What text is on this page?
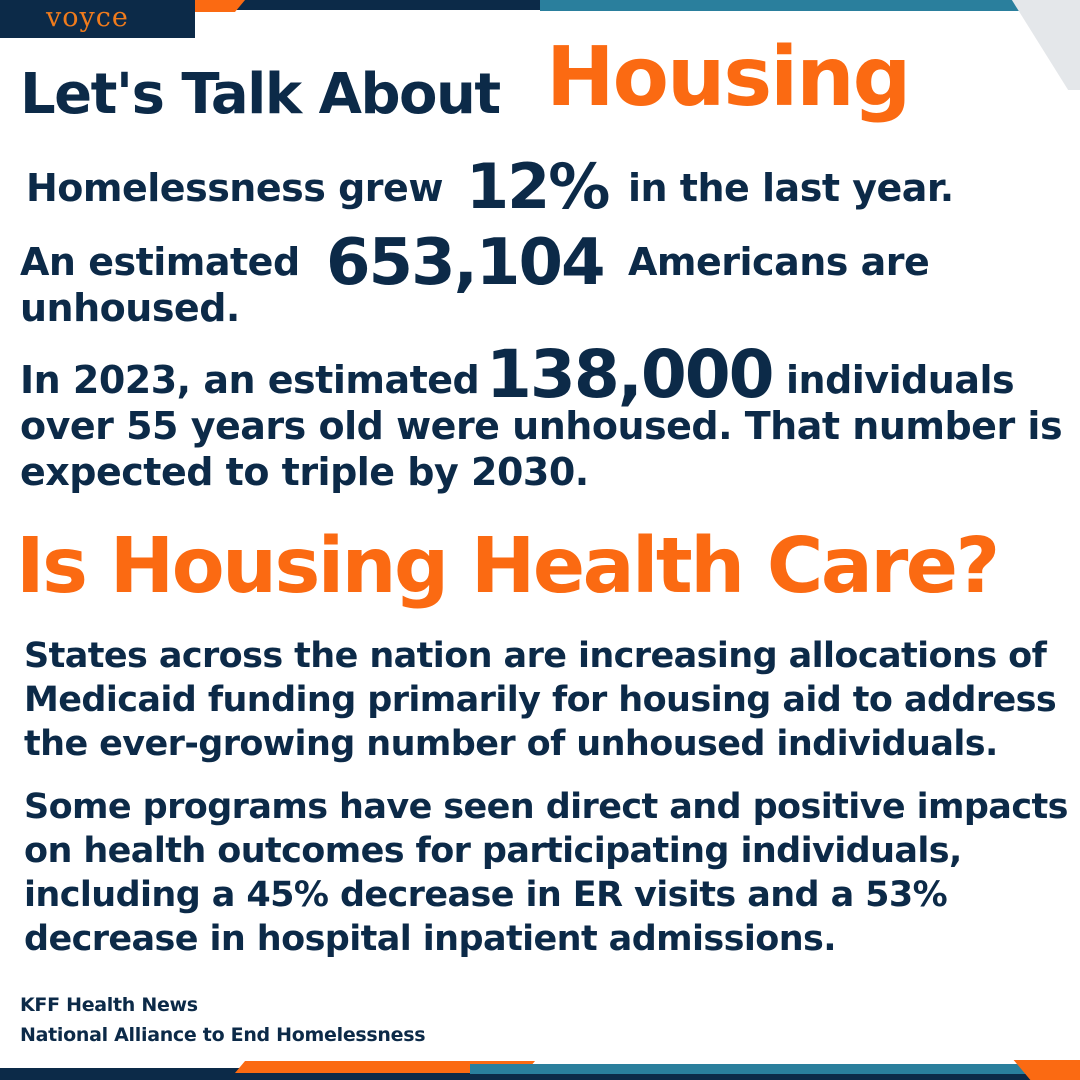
voyce
Let's Talk About Housing
Homelessness grew 12% in the last year.
An estimated 653,104 Americans are
unhoused.
In 2023, an estimated 138,000 individuals
over 55 years old were unhoused. That number is
expected to triple by 2030.
Is Housing Health Care?
States across the nation are increasing allocations of
Medicaid funding primarily for housing aid to address
the ever-growing number of unhoused individuals.
Some programs have seen direct and positive impacts
on health outcomes for participating individuals,
including a 45% decrease in ER visits and a 53%
decrease in hospital inpatient admissions.
KFF Health News
National Alliance to End Homelessness
